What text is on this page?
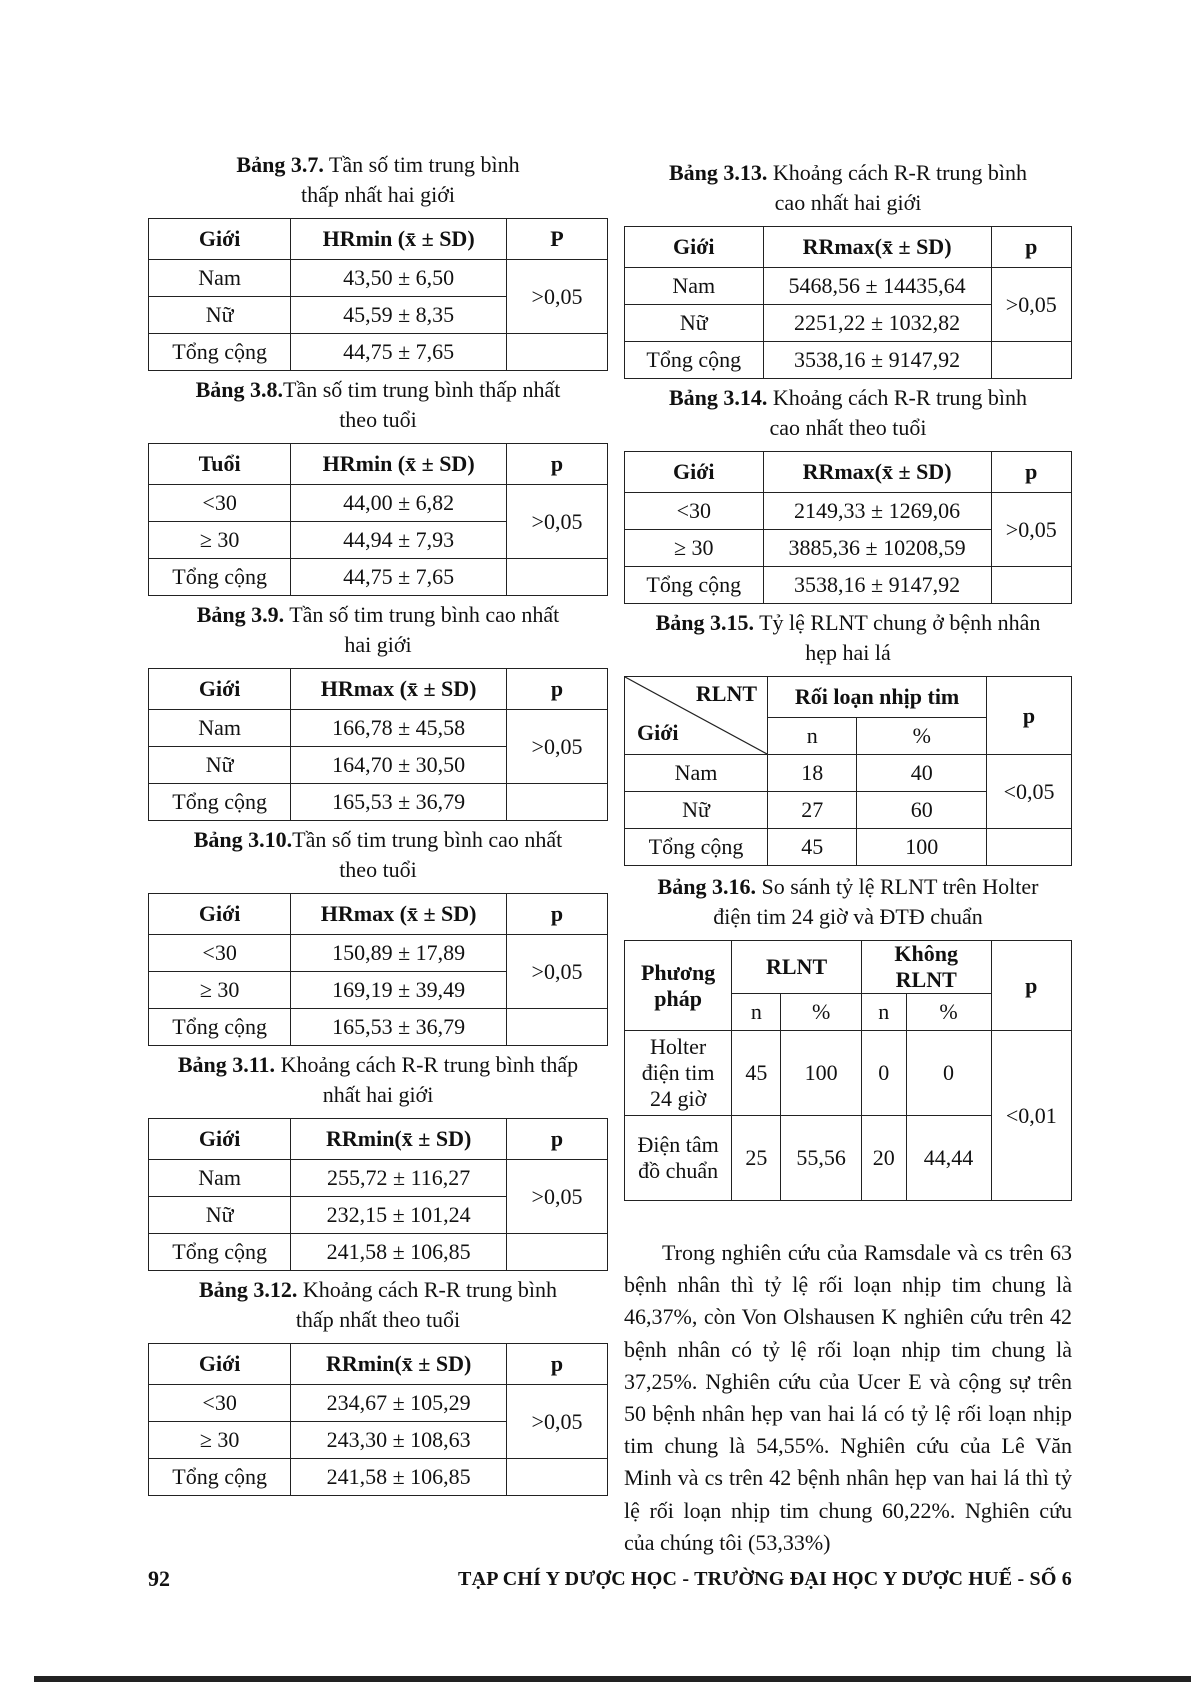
Bảng 3.7. Tần số tim trung bình
thấp nhất hai giới
Giới	HRmin (x̄ ± SD)	P
Nam	43,50 ± 6,50	>0,05
Nữ	45,59 ± 8,35	
Tổng cộng	44,75 ± 7,65	
Bảng 3.8.Tần số tim trung bình thấp nhất
theo tuổi
Tuổi	HRmin (x̄ ± SD)	p
<30	44,00 ± 6,82	>0,05
≥ 30	44,94 ± 7,93	
Tổng cộng	44,75 ± 7,65	
Bảng 3.9. Tần số tim trung bình cao nhất
hai giới
Giới	HRmax (x̄ ± SD)	p
Nam	166,78 ± 45,58	>0,05
Nữ	164,70 ± 30,50	
Tổng cộng	165,53 ± 36,79	
Bảng 3.10.Tần số tim trung bình cao nhất
theo tuổi
Giới	HRmax (x̄ ± SD)	p
<30	150,89 ± 17,89	>0,05
≥ 30	169,19 ± 39,49	
Tổng cộng	165,53 ± 36,79	
Bảng 3.11. Khoảng cách R-R trung bình thấp
nhất hai giới
Giới	RRmin(x̄ ± SD)	p
Nam	255,72 ± 116,27	>0,05
Nữ	232,15 ± 101,24	
Tổng cộng	241,58 ± 106,85	
Bảng 3.12. Khoảng cách R-R trung bình
thấp nhất theo tuổi
Giới	RRmin(x̄ ± SD)	p
<30	234,67 ± 105,29	>0,05
≥ 30	243,30 ± 108,63	
Tổng cộng	241,58 ± 106,85	
Bảng 3.13. Khoảng cách R-R trung bình
cao nhất hai giới
Giới	RRmax(x̄ ± SD)	p
Nam	5468,56 ± 14435,64	>0,05
Nữ	2251,22 ± 1032,82	
Tổng cộng	3538,16 ± 9147,92	
Bảng 3.14. Khoảng cách R-R trung bình
cao nhất theo tuổi
Giới	RRmax(x̄ ± SD)	p
<30	2149,33 ± 1269,06	>0,05
≥ 30	3885,36 ± 10208,59	
Tổng cộng	3538,16 ± 9147,92	
Bảng 3.15. Tỷ lệ RLNT chung ở bệnh nhân
hẹp hai lá
RLNT
Giới	Rối loạn nhịp tim		p
	n	%	
Nam	18	40	<0,05
Nữ	27	60	
Tổng cộng	45	100	
Bảng 3.16. So sánh tỷ lệ RLNT trên Holter
điện tim 24 giờ và ĐTĐ chuẩn
Phương pháp	RLNT		Không RLNT		p
	n	%	n	%	
Holter điện tim 24 giờ	45	100	0	0	<0,01
Điện tâm đồ chuẩn	25	55,56	20	44,44	

Trong nghiên cứu của Ramsdale và cs trên 63 bệnh nhân thì tỷ lệ rối loạn nhịp tim chung là 46,37%, còn Von Olshausen K nghiên cứu trên 42 bệnh nhân có tỷ lệ rối loạn nhịp tim chung là 37,25%. Nghiên cứu của Ucer E và cộng sự trên 50 bệnh nhân hẹp van hai lá có tỷ lệ rối loạn nhịp tim chung là 54,55%. Nghiên cứu của Lê Văn Minh và cs trên 42 bệnh nhân hẹp van hai lá thì tỷ lệ rối loạn nhịp tim chung 60,22%. Nghiên cứu của chúng tôi (53,33%)

92	TẠP CHÍ Y DƯỢC HỌC - TRƯỜNG ĐẠI HỌC Y DƯỢC HUẾ - SỐ 6
